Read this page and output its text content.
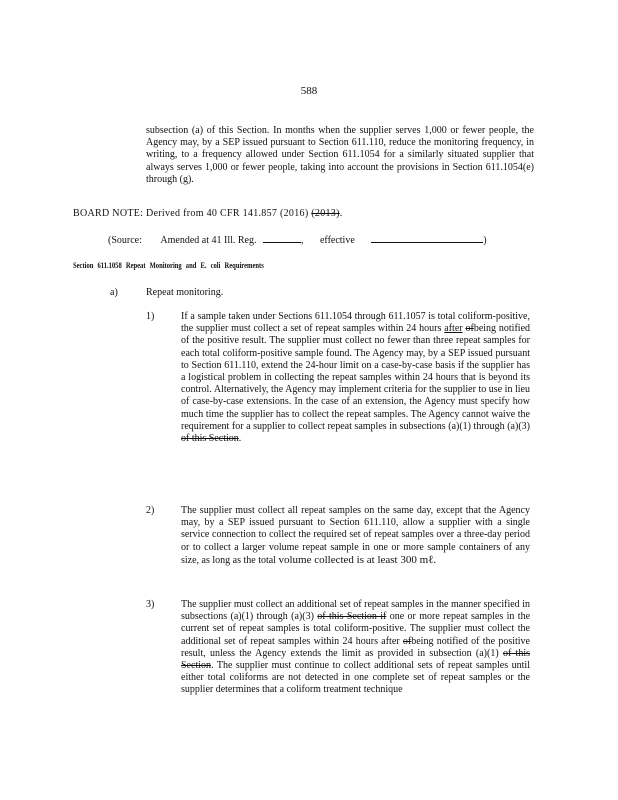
588

subsection (a) of this Section. In months when the supplier serves 1,000 or fewer people, the Agency may, by a SEP issued pursuant to Section 611.110, reduce the monitoring frequency, in writing, to a frequency allowed under Section 611.1054 for a similarly situated supplier that always serves 1,000 or fewer people, taking into account the provisions in Section 611.1054(e) through (g).

BOARD NOTE: Derived from 40 CFR 141.857 (2016) (2013).
(Source: Amended at 41 Ill. Reg.	, effective	)
Section 611.1058 Repeat Monitoring and E. coli Requirements
a)	Repeat monitoring.
1)	If a sample taken under Sections 611.1054 through 611.1057 is total coliform-positive, the supplier must collect a set of repeat samples within 24 hours after ofbeing notified of the positive result. The supplier must collect no fewer than three repeat samples for each total coliform-positive sample found. The Agency may, by a SEP issued pursuant to Section 611.110, extend the 24-hour limit on a case-by-case basis if the supplier has a logistical problem in collecting the repeat samples within 24 hours that is beyond its control. Alternatively, the Agency may implement criteria for the supplier to use in lieu of case-by-case extensions. In the case of an extension, the Agency must specify how much time the supplier has to collect the repeat samples. The Agency cannot waive the requirement for a supplier to collect repeat samples in subsections (a)(1) through (a)(3) of this Section.

2)	The supplier must collect all repeat samples on the same day, except that the Agency may, by a SEP issued pursuant to Section 611.110, allow a supplier with a single service connection to collect the required set of repeat samples over a three-day period or to collect a larger volume repeat sample in one or more sample containers of any size, as long as the total volume collected is at least 300 mℓ.

3)	The supplier must collect an additional set of repeat samples in the manner specified in subsections (a)(1) through (a)(3) of this Section if one or more repeat samples in the current set of repeat samples is total coliform-positive. The supplier must collect the additional set of repeat samples within 24 hours after ofbeing notified of the positive result, unless the Agency extends the limit as provided in subsection (a)(1) of this Section. The supplier must continue to collect additional sets of repeat samples until either total coliforms are not detected in one complete set of repeat samples or the supplier determines that a coliform treatment technique
